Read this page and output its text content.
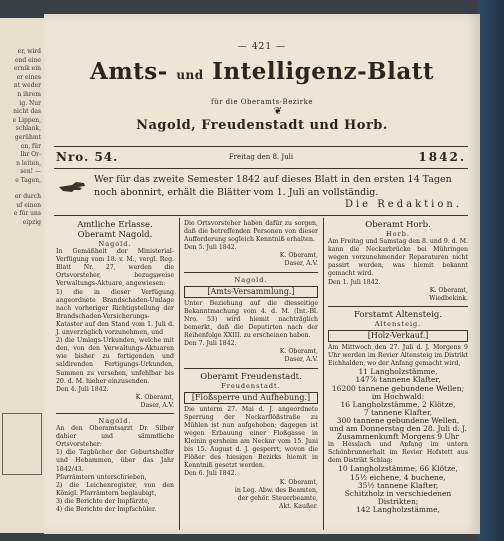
er, wird
end eine
ernik ein
er eines
nt weder
n ihrem
ig. Nur
nicht das
e Lippen,
schlank,
gerühmt
en, für
Ihr Or-
n leiten,
sen! —
e Tagen,
er durch
uf einen
e für uns
eipzig
— 421 —
Amts- und Intelligenz-Blatt
für die Oberamts-Bezirke
❦
Nagold, Freudenstadt und Horb.
Nro. 54.	Freitag den 8. Juli	1842.
Wer für das zweite Semester 1842 auf dieses Blatt in den ersten 14 Tagen noch abonnirt, erhält die Blätter vom 1. Juli an vollständig.
Die Redaktion.
Amtliche Erlasse.
Oberamt Nagold.
Nagold.

In Gemäßheit der Ministerial-Verfügung vom 18. v. M., vergl. Reg. Blatt Nr. 27, werden die Ortsvorsteher, bezugsweise Verwaltungs-Aktuare, angewiesen:

1) die in dieser Verfügung angeordnete Brandschaden-Umlage nach vorheriger Richtigstellung der Brandschaden-Versicherungs-Kataster auf den Stand vom 1. Juli d. J. unverzüglich vorzunehmen, und

2) die Umlags-Urkunden, welche mit den, von den Verwaltungs-Aktuaren wie bisher zu fertigenden und saldirenden Fertigungs-Urkunden, Summen zu versehen, unfehlbar bis 20. d. M. hieher einzusenden.

Den 4. Juli 1842.
K. Oberamt,
Daser, A.V.
Nagold.

An den Oberamtsarzt Dr. Silber dahier und sämmtliche Ortsvorsteher:

1) die Tagbücher der Geburtshelfer und Hebammen, über das Jahr 1842/43.

Pfarrämtern unterschrieben,

2) die Leichenregister, von den Königl. Pfarrämtern beglaubigt,

3) die Berichte der Impfärzte,

4) die Berichte der Impfschüler.

Die Ortsvorsteher haben dafür zu sorgen, daß die betreffenden Personen von dieser Aufforderung sogleich Kenntniß erhalten.

Den 5. Juli 1842.
K. Oberamt,
Daser, A.V.
Nagold.
[Amts-Versammlung.]

Unter Beziehung auf die diesseitige Bekanntmachung vom 4. d. M. (Int.-Bl. Nro. 53) wird hiemit nachträglich bemerkt, daß die Deputirten nach der Reihenfolge XXIII. zu erscheinen haben.

Den 7. Juli 1842.
K. Oberamt,
Daser, A.V.
Oberamt Freudenstadt.
Freudenstadt.
[Floßsperre und Aufhebung.]

Die unterm 27. Mai d. J. angeordnete Sperrung der Neckarflößstraße zu Mühlen ist nun aufgehoben; dagegen ist wegen Erbauung einer Floßgasse in Kleinin gersheim am Neckar vom 15. Juni bis 15. August d. J. gesperrt, wovon die Flößer des hiesigen Bezirks hiemit in Kenntniß gesetzt werden.

Den 6. Juli 1842.
K. Oberamt,
in Leg. Abw. des Beamten,
der gehör. Steuerbeamte,
Akt. Kaußer.
Oberamt Horb.
Horb.

Am Freitag und Samstag den 8. und 9. d. M. kann die Neckarbrücke bei Mühringen wegen vorzunehmender Reparaturen nicht passirt werden, was hiemit bekannt gemacht wird.

Den 1. Juli 1842.
K. Oberamt,
Wiedbekink.
Forstamt Altensteig.
Altensteig.
[Holz-Verkauf.]

Am Mittwoch den 27. Juli d. J. Morgens 9 Uhr werden im Revier Altensteig im Distrikt Eichhalden, wo der Anfang gemacht wird,

11 Langholzstämme,
147⅞ tannene Klafter,
16200 tannene gebundene Wellen;
im Hochwald:
16 Langholzstämme, 2 Klötze,
7 tannene Klafter,
300 tannene gebundene Wellen,
und am Donnerstag den 28. Juli d. J.
Zusammenkunft Morgens 9 Uhr

in Hesslach und Anfang im untern Schönbrunnerhalt im Revier Hofstett aus dem Distrikt Schlag:

10 Langholzstämme, 66 Klötze,
15½ eichene, 4 buchene,
35½ tannene Klafter,
Schitzholz in verschiedenen Distrikten;
142 Langholzstämme,
